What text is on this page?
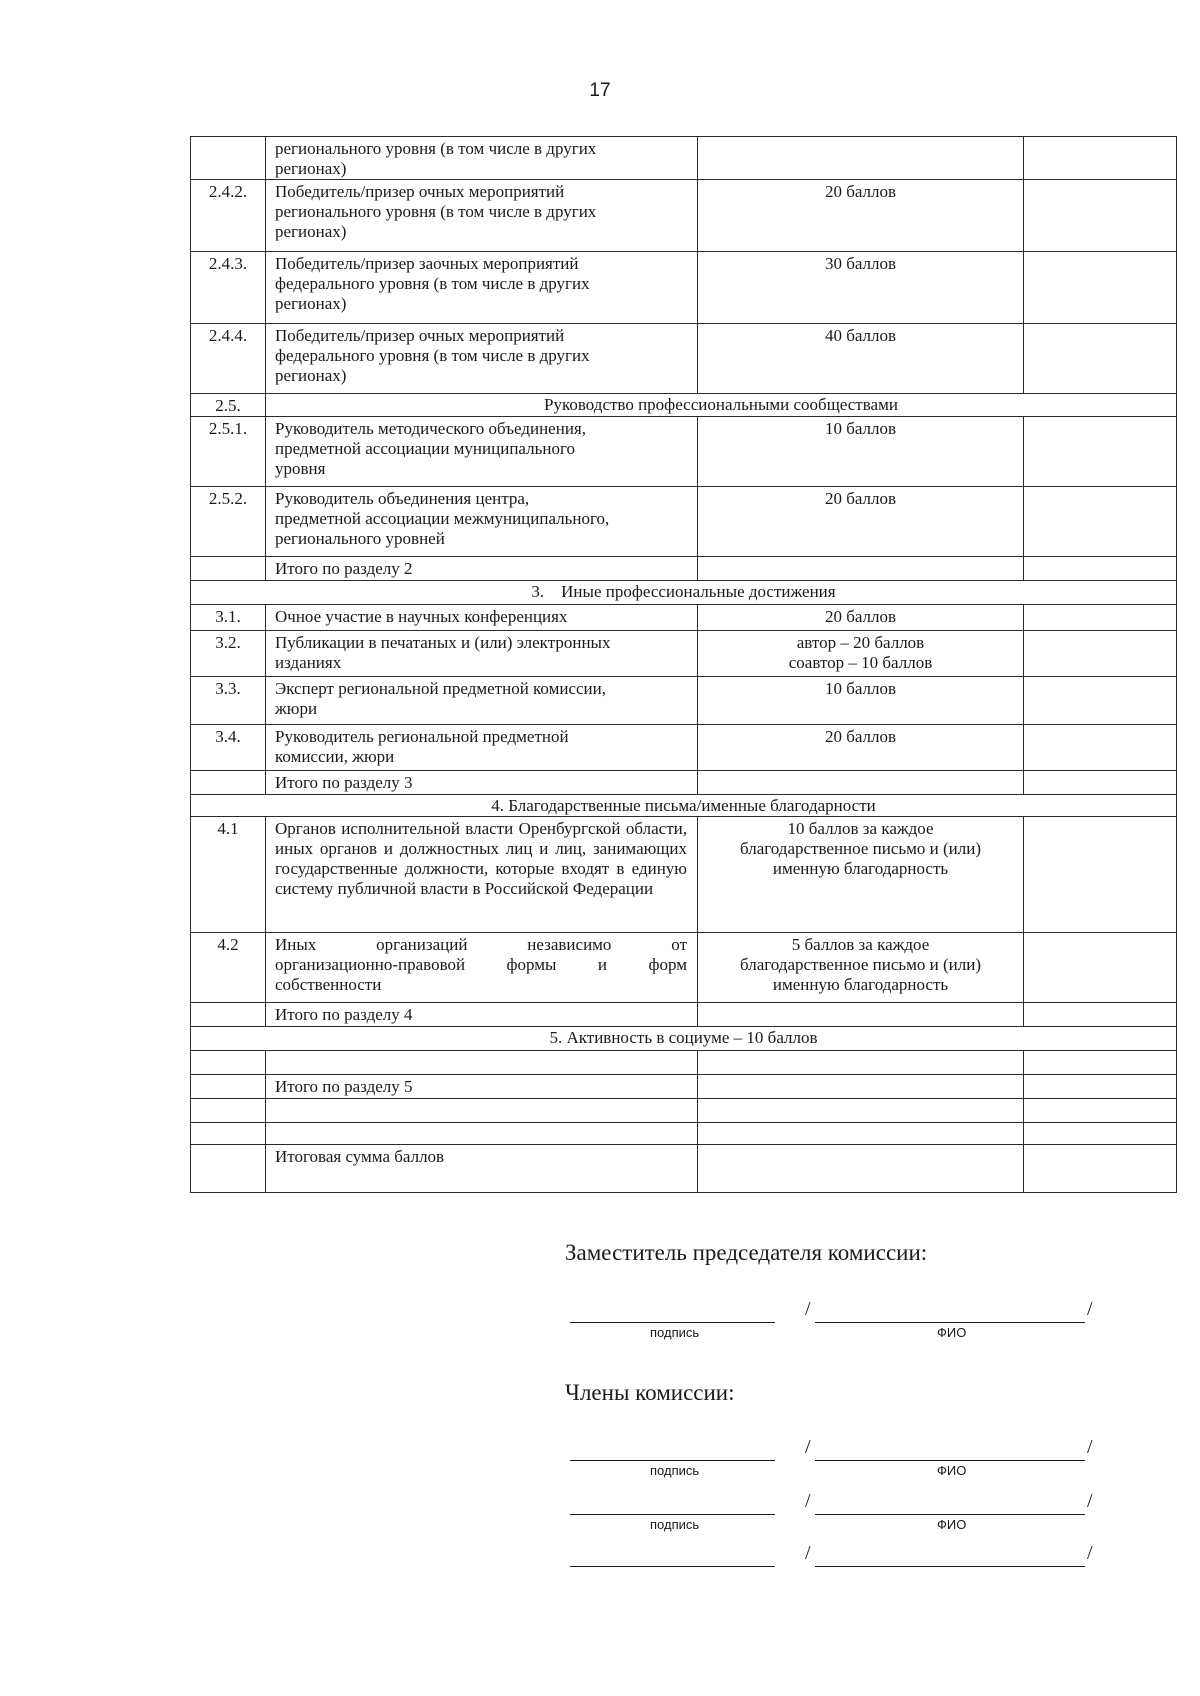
17

	регионального уровня (в том числе в других
регионах)		

2.4.2.	Победитель/призер очных мероприятий
регионального уровня (в том числе в других
регионах)	20 баллов	
2.4.3.	Победитель/призер заочных мероприятий
федерального уровня (в том числе в других
регионах)	30 баллов	
2.4.4.	Победитель/призер очных мероприятий
федерального уровня (в том числе в других
регионах)	40 баллов	
2.5.	Руководство профессиональными сообществами		
2.5.1.	Руководитель методического объединения,
предметной ассоциации муниципального
уровня	10 баллов	
2.5.2.	Руководитель объединения центра,
предметной ассоциации межмуниципального,
регионального уровней	20 баллов	
	Итого по разделу 2		
3.    Иные профессиональные достижения			
3.1.	Очное участие в научных конференциях	20 баллов	
3.2.	Публикации в печатаных и (или) электронных
изданиях	автор – 20 баллов
соавтор – 10 баллов	

3.3.	Эксперт региональной предметной комиссии,
жюри	10 баллов	
3.4.	Руководитель региональной предметной
комиссии, жюри	20 баллов	
	Итого по разделу 3		
4. Благодарственные письма/именные благодарности			
4.1	Органов исполнительной власти Оренбургской области, иных органов и должностных лиц и лиц, занимающих государственные должности, которые входят в единую систему публичной власти в Российской Федерации	10 баллов за каждое
благодарственное письмо и (или)
именную благодарность	

4.2	Иных организаций независимо от
организационно-правовой формы и форм
собственности	5 баллов за каждое
благодарственное письмо и (или)
именную благодарность	

	Итого по разделу 4		
5. Активность в социуме – 10 баллов			

	Итого по разделу 5		

	Итоговая сумма баллов		

Заместитель председателя комиссии:

/	/
подпись	ФИО

Члены комиссии:

/	/
подпись	ФИО
/	/
подпись	ФИО
/	/
